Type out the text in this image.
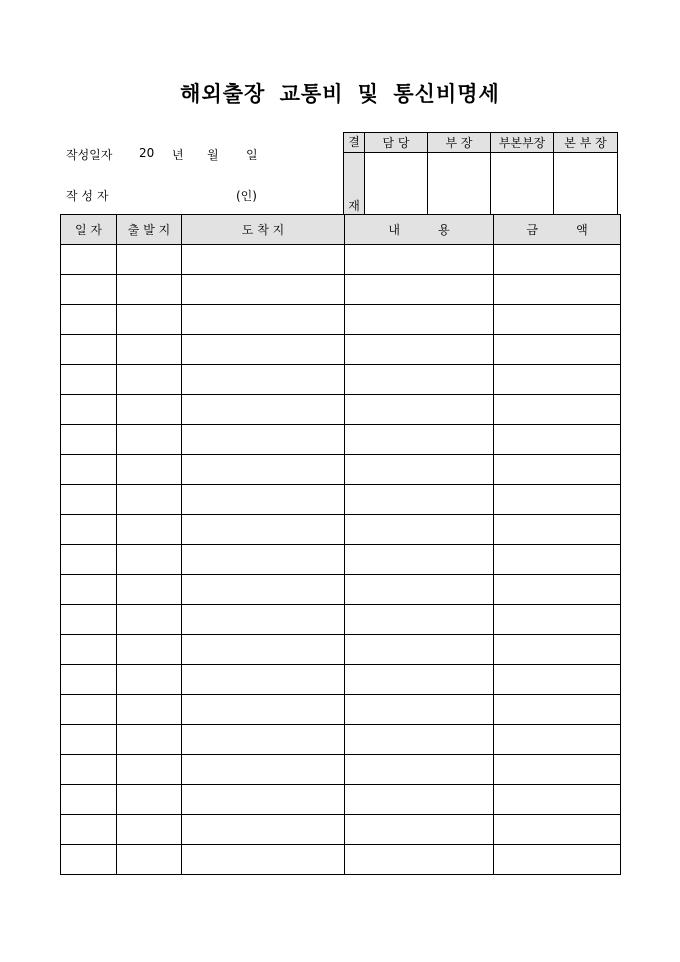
해외출장 교통비 및 통신비명세
작성일자 20 년 월 일
작 성 자	(인)
결	담 당	부 장	부본부장	본 부 장
재				
일 자	출 발 지	도 착 지	내          용	금          액
